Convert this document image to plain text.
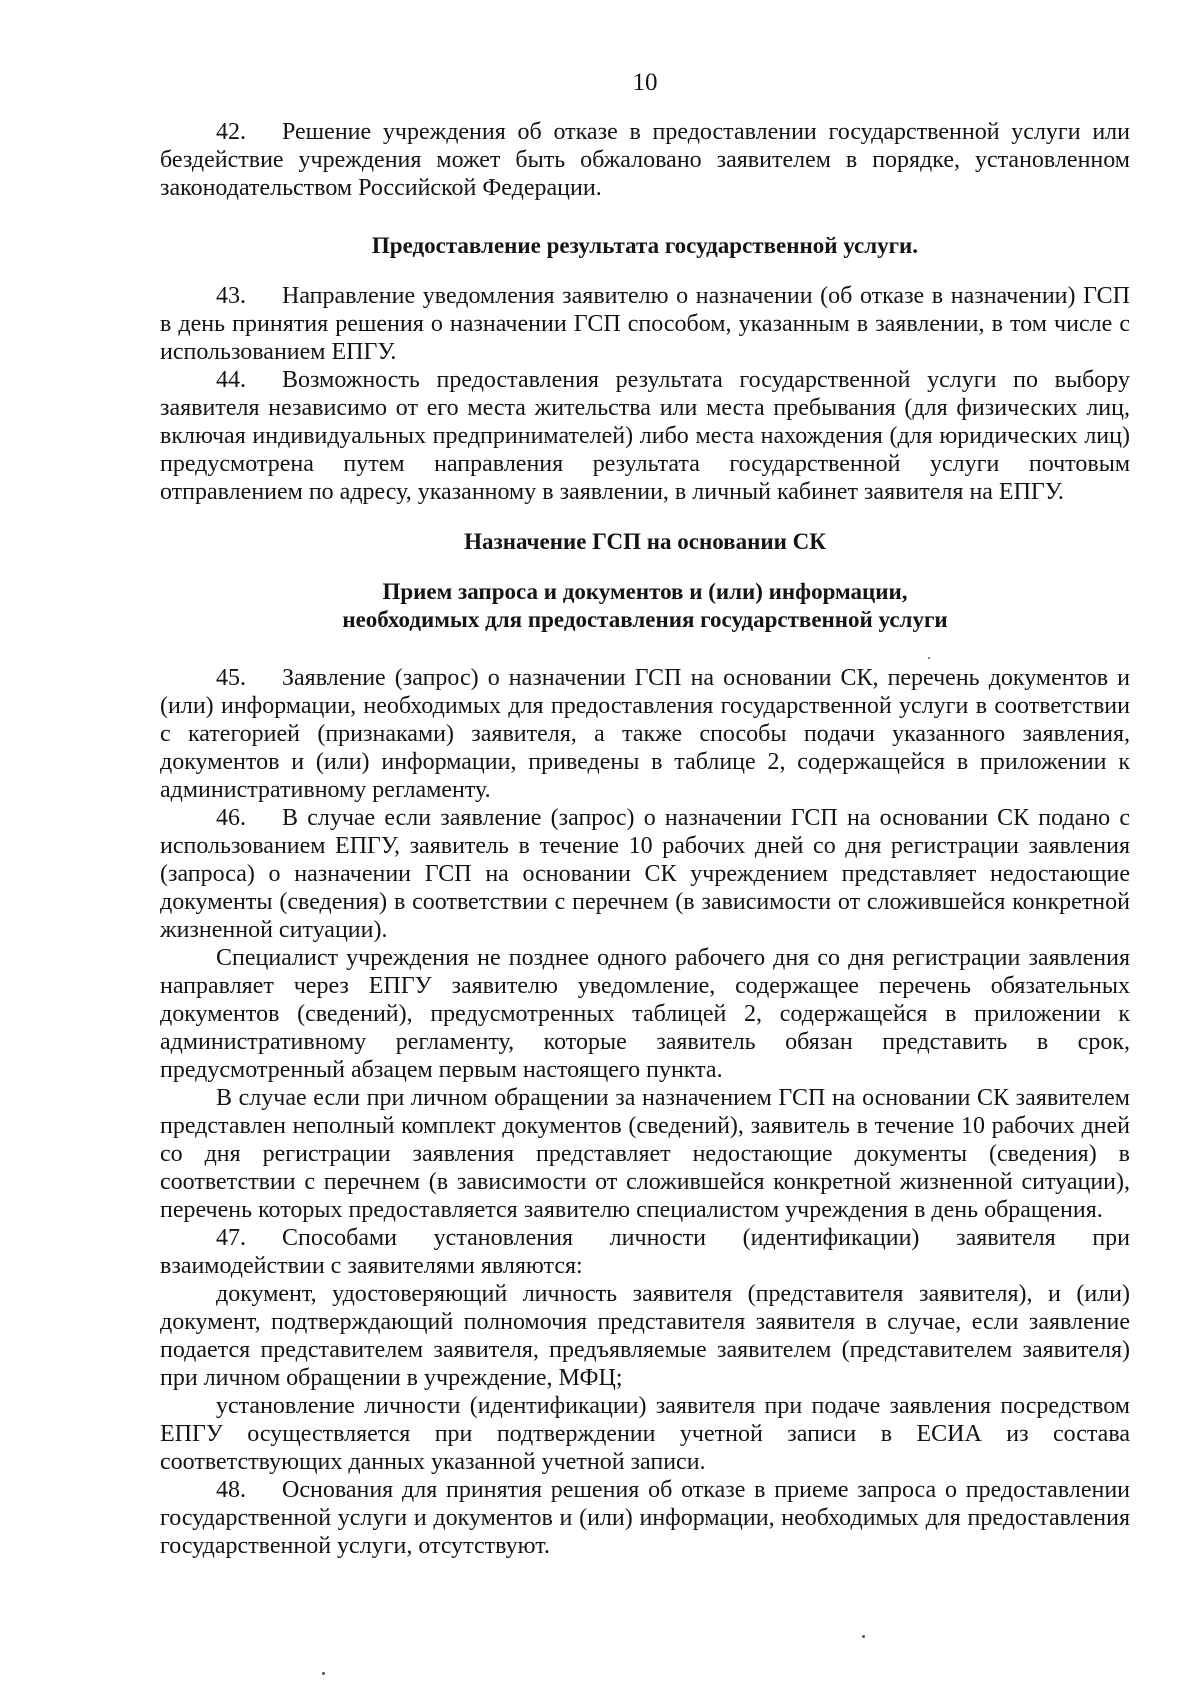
10

42. Решение учреждения об отказе в предоставлении государственной услуги или бездействие учреждения может быть обжаловано заявителем в порядке, установленном законодательством Российской Федерации.

Предоставление результата государственной услуги.

43. Направление уведомления заявителю о назначении (об отказе в назначении) ГСП в день принятия решения о назначении ГСП способом, указанным в заявлении, в том числе с использованием ЕПГУ.

44. Возможность предоставления результата государственной услуги по выбору заявителя независимо от его места жительства или места пребывания (для физических лиц, включая индивидуальных предпринимателей) либо места нахождения (для юридических лиц) предусмотрена путем направления результата государственной услуги почтовым отправлением по адресу, указанному в заявлении, в личный кабинет заявителя на ЕПГУ.

Назначение ГСП на основании СК
Прием запроса и документов и (или) информации,
необходимых для предоставления государственной услуги

45. Заявление (запрос) о назначении ГСП на основании СК, перечень документов и (или) информации, необходимых для предоставления государственной услуги в соответствии с категорией (признаками) заявителя, а также способы подачи указанного заявления, документов и (или) информации, приведены в таблице 2, содержащейся в приложении к административному регламенту.

46. В случае если заявление (запрос) о назначении ГСП на основании СК подано с использованием ЕПГУ, заявитель в течение 10 рабочих дней со дня регистрации заявления (запроса) о назначении ГСП на основании СК учреждением представляет недостающие документы (сведения) в соответствии с перечнем (в зависимости от сложившейся конкретной жизненной ситуации).

Специалист учреждения не позднее одного рабочего дня со дня регистрации заявления направляет через ЕПГУ заявителю уведомление, содержащее перечень обязательных документов (сведений), предусмотренных таблицей 2, содержащейся в приложении к административному регламенту, которые заявитель обязан представить в срок, предусмотренный абзацем первым настоящего пункта.

В случае если при личном обращении за назначением ГСП на основании СК заявителем представлен неполный комплект документов (сведений), заявитель в течение 10 рабочих дней со дня регистрации заявления представляет недостающие документы (сведения) в соответствии с перечнем (в зависимости от сложившейся конкретной жизненной ситуации), перечень которых предоставляется заявителю специалистом учреждения в день обращения.

47. Способами установления личности (идентификации) заявителя при взаимодействии с заявителями являются:

документ, удостоверяющий личность заявителя (представителя заявителя), и (или) документ, подтверждающий полномочия представителя заявителя в случае, если заявление подается представителем заявителя, предъявляемые заявителем (представителем заявителя) при личном обращении в учреждение, МФЦ;

установление личности (идентификации) заявителя при подаче заявления посредством ЕПГУ осуществляется при подтверждении учетной записи в ЕСИА из состава соответствующих данных указанной учетной записи.

48. Основания для принятия решения об отказе в приеме запроса о предоставлении государственной услуги и документов и (или) информации, необходимых для предоставления государственной услуги, отсутствуют.
